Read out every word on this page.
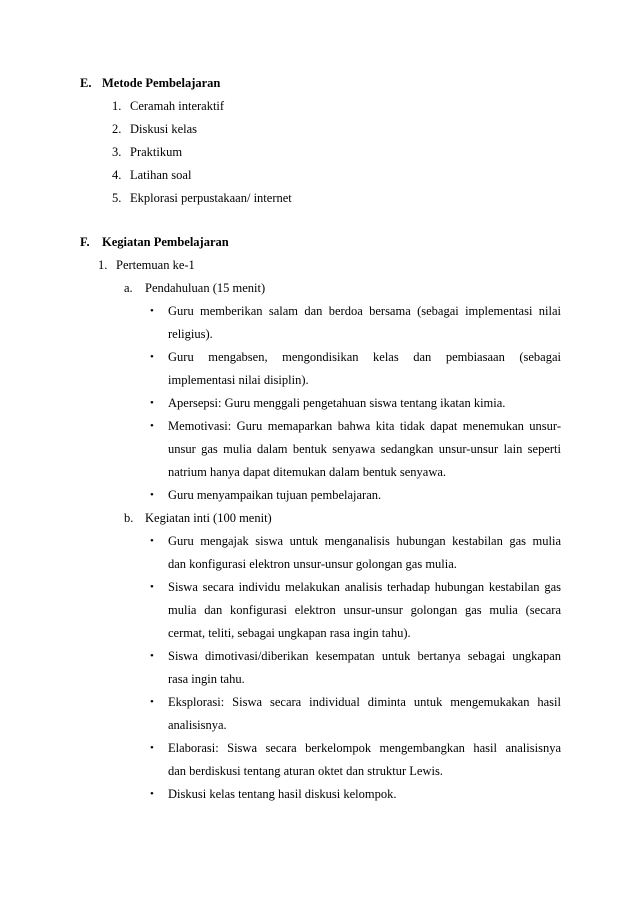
E. Metode Pembelajaran
1. Ceramah interaktif
2. Diskusi kelas
3. Praktikum
4. Latihan soal
5. Ekplorasi perpustakaan/ internet
F. Kegiatan Pembelajaran
1. Pertemuan ke-1
a. Pendahuluan (15 menit)
• Guru memberikan salam dan berdoa bersama (sebagai implementasi nilai
religius).
• Guru mengabsen, mengondisikan kelas dan pembiasaan (sebagai
implementasi nilai disiplin).
• Apersepsi: Guru menggali pengetahuan siswa tentang ikatan kimia.
• Memotivasi: Guru memaparkan bahwa kita tidak dapat menemukan unsur-
unsur gas mulia dalam bentuk senyawa sedangkan unsur-unsur lain seperti
natrium hanya dapat ditemukan dalam bentuk senyawa.
• Guru menyampaikan tujuan pembelajaran.
b. Kegiatan inti (100 menit)
• Guru mengajak siswa untuk menganalisis hubungan kestabilan gas mulia
dan konfigurasi elektron unsur-unsur golongan gas mulia.
• Siswa secara individu melakukan analisis terhadap hubungan kestabilan gas
mulia dan konfigurasi elektron unsur-unsur golongan gas mulia (secara
cermat, teliti, sebagai ungkapan rasa ingin tahu).
• Siswa dimotivasi/diberikan kesempatan untuk bertanya sebagai ungkapan
rasa ingin tahu.
• Eksplorasi: Siswa secara individual diminta untuk mengemukakan hasil
analisisnya.
• Elaborasi: Siswa secara berkelompok mengembangkan hasil analisisnya
dan berdiskusi tentang aturan oktet dan struktur Lewis.
• Diskusi kelas tentang hasil diskusi kelompok.
